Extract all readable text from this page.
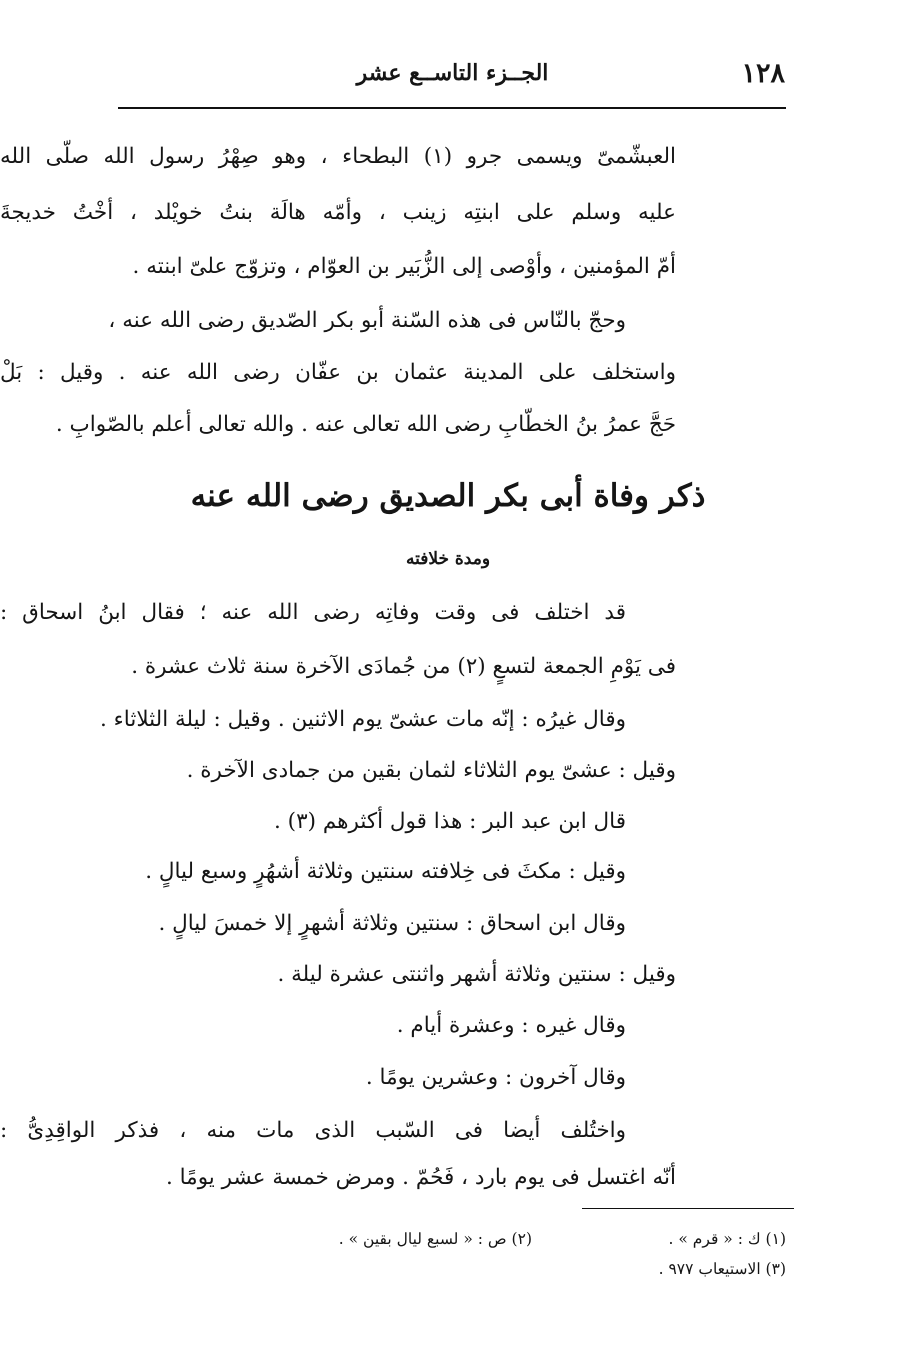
١٢٨
الجــزء التاســع عشر
العبشّمىّ ويسمى جرو (١) البطحاء ، وهو صِهْرُ رسول الله صلّى الله
عليه وسلم على ابنتِه زينب ، وأمّه هالَة بنتُ خويْلد ، أخْتُ خديجةَ
أمّ المؤمنين ، وأوْصى إلى الزُّبَير بن العوّام ، وتزوّج علىّ ابنته .
وحجّ بالنّاس فى هذه السّنة أبو بكر الصّديق رضى الله عنه ،
واستخلف على المدينة عثمان بن عفّان رضى الله عنه . وقيل : بَلْ
حَجَّ عمرُ بنُ الخطّابِ رضى الله تعالى عنه . والله تعالى أعلم بالصّوابِ .
ذكر وفاة أبى بكر الصديق رضى الله عنه
ومدة خلافته
قد اختلف فى وقت وفاتِه رضى الله عنه ؛ فقال ابنُ اسحاق :
فى يَوْمِ الجمعة لتسعٍ (٢) من جُمادَى الآخرة سنة ثلاث عشرة .
وقال غيرُه : إنّه مات عشىّ يوم الاثنين . وقيل : ليلة الثلاثاء .
وقيل : عشىّ يوم الثلاثاء لثمان بقين من جمادى الآخرة .
قال ابن عبد البر : هذا قول أكثرهم (٣) .
وقيل : مكثَ فى خِلافته سنتين وثلاثة أشهُرٍ وسبع ليالٍ .
وقال ابن اسحاق : سنتين وثلاثة أشهرٍ إلا خمسَ ليالٍ .
وقيل : سنتين وثلاثة أشهر واثنتى عشرة ليلة .
وقال غيره : وعشرة أيام .
وقال آخرون : وعشرين يومًا .
واختُلف أيضا فى السّبب الذى مات منه ، فذكر الواقِدِىُّ :
أنّه اغتسل فى يوم بارد ، فَحُمّ . ومرض خمسة عشر يومًا .
(١) ك : « قرم » .
(٢) ص : « لسبع ليال بقين » .
(٣) الاستيعاب ٩٧٧ .
